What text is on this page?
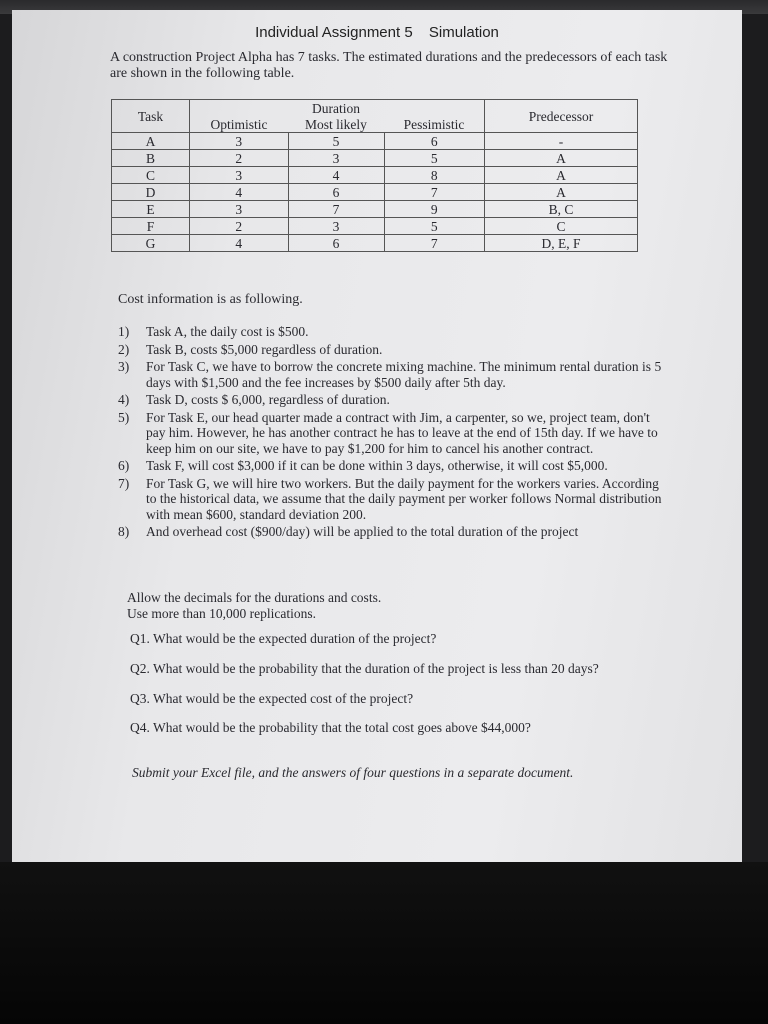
Individual Assignment 5 Simulation
A construction Project Alpha has 7 tasks. The estimated durations and the predecessors of each task are shown in the following table.
Task		Duration		Predecessor
	Optimistic	Most likely	Pessimistic	
A	3	5	6	-
B	2	3	5	A
C	3	4	8	A
D	4	6	7	A
E	3	7	9	B, C
F	2	3	5	C
G	4	6	7	D, E, F
Cost information is as following.
1)	Task A, the daily cost is $500.
2)	Task B, costs $5,000 regardless of duration.
3)	For Task C, we have to borrow the concrete mixing machine. The minimum rental duration is 5 days with $1,500 and the fee increases by $500 daily after 5th day.
4)	Task D, costs $ 6,000, regardless of duration.
5)	For Task E, our head quarter made a contract with Jim, a carpenter, so we, project team, don't pay him. However, he has another contract he has to leave at the end of 15th day. If we have to keep him on our site, we have to pay $1,200 for him to cancel his another contract.
6)	Task F, will cost $3,000 if it can be done within 3 days, otherwise, it will cost $5,000.
7)	For Task G, we will hire two workers. But the daily payment for the workers varies. According to the historical data, we assume that the daily payment per worker follows Normal distribution with mean $600, standard deviation 200.
8)	And overhead cost ($900/day) will be applied to the total duration of the project
Allow the decimals for the durations and costs.
Use more than 10,000 replications.
Q1. What would be the expected duration of the project?
Q2. What would be the probability that the duration of the project is less than 20 days?
Q3. What would be the expected cost of the project?
Q4. What would be the probability that the total cost goes above $44,000?
Submit your Excel file, and the answers of four questions in a separate document.
